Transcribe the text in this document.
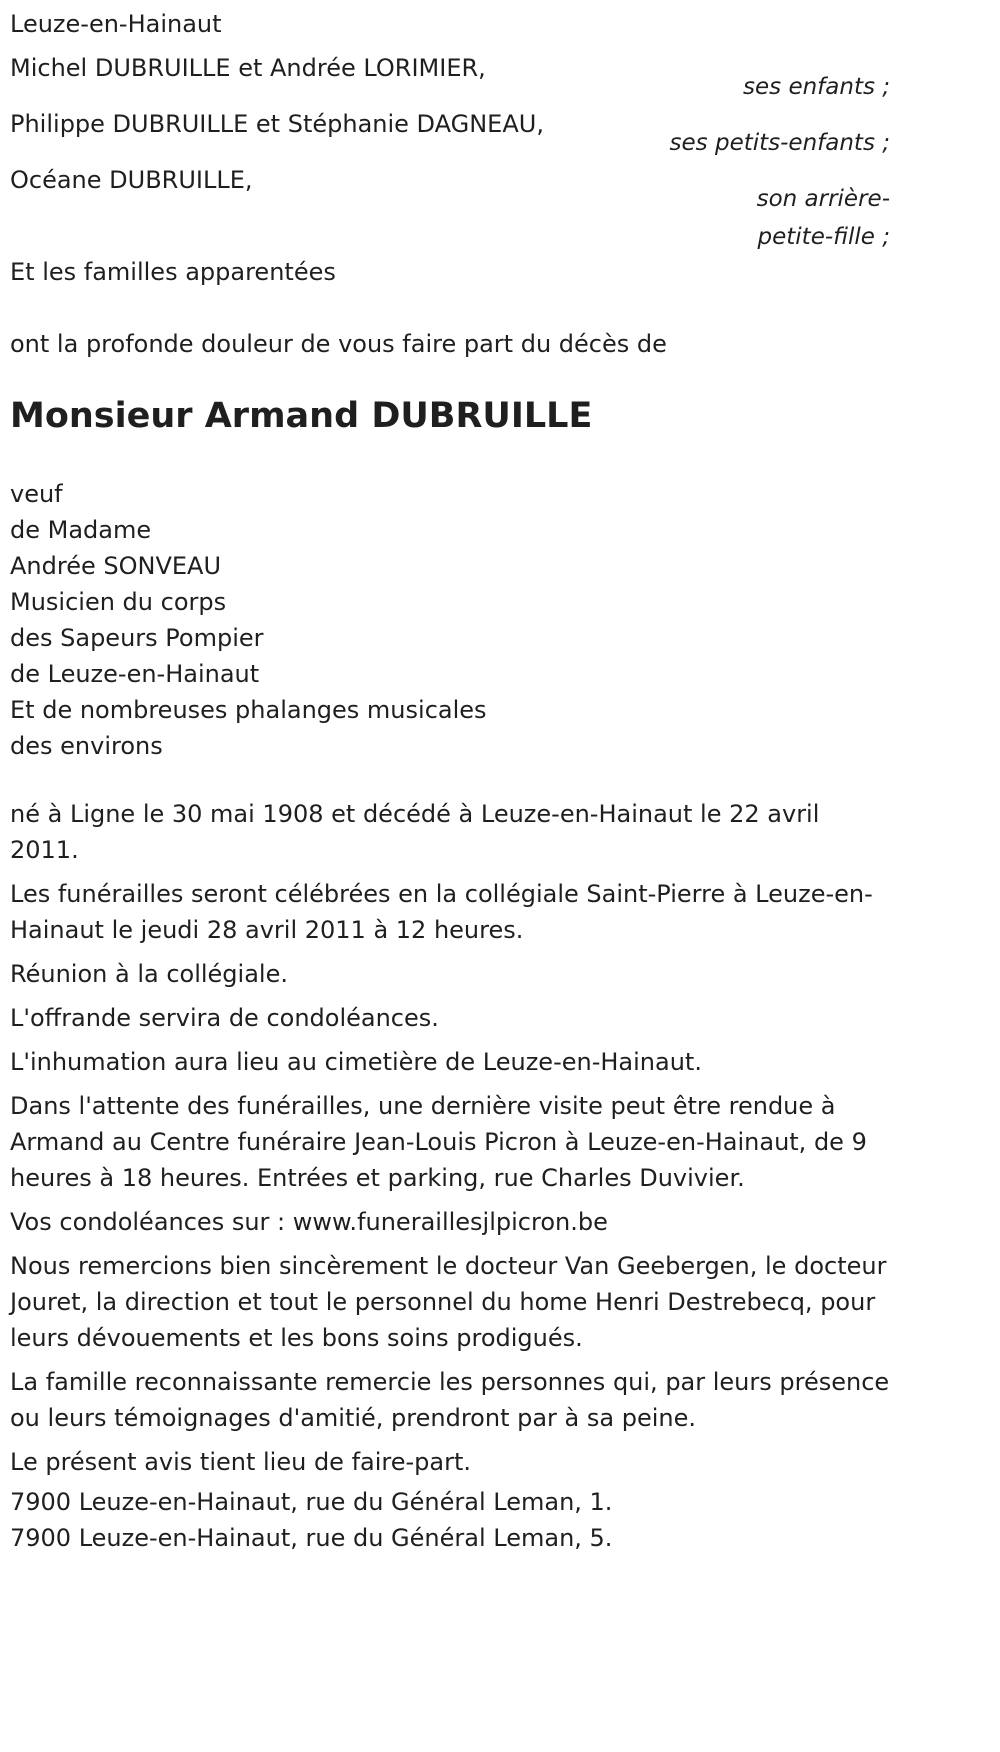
Leuze-en-Hainaut
Michel DUBRUILLE et Andrée LORIMIER,
ses enfants ;
Philippe DUBRUILLE et Stéphanie DAGNEAU,
ses petits-enfants ;
Océane DUBRUILLE,
son arrière-
petite-fille ;
Et les familles apparentées
ont la profonde douleur de vous faire part du décès de
Monsieur Armand DUBRUILLE
veuf
de Madame
Andrée SONVEAU
Musicien du corps
des Sapeurs Pompier
de Leuze-en-Hainaut
Et de nombreuses phalanges musicales
des environs

né à Ligne le 30 mai 1908 et décédé à Leuze-en-Hainaut le 22 avril 2011.

Les funérailles seront célébrées en la collégiale Saint-Pierre à Leuze-en-Hainaut le jeudi 28 avril 2011 à 12 heures.

Réunion à la collégiale.

L'offrande servira de condoléances.

L'inhumation aura lieu au cimetière de Leuze-en-Hainaut.

Dans l'attente des funérailles, une dernière visite peut être rendue à Armand au Centre funéraire Jean-Louis Picron à Leuze-en-Hainaut, de 9 heures à 18 heures. Entrées et parking, rue Charles Duvivier.

Vos condoléances sur : www.funeraillesjlpicron.be

Nous remercions bien sincèrement le docteur Van Geebergen, le docteur Jouret, la direction et tout le personnel du home Henri Destrebecq, pour leurs dévouements et les bons soins prodigués.

La famille reconnaissante remercie les personnes qui, par leurs présence ou leurs témoignages d'amitié, prendront par à sa peine.

Le présent avis tient lieu de faire-part.

7900 Leuze-en-Hainaut, rue du Général Leman, 1.
7900 Leuze-en-Hainaut, rue du Général Leman, 5.
